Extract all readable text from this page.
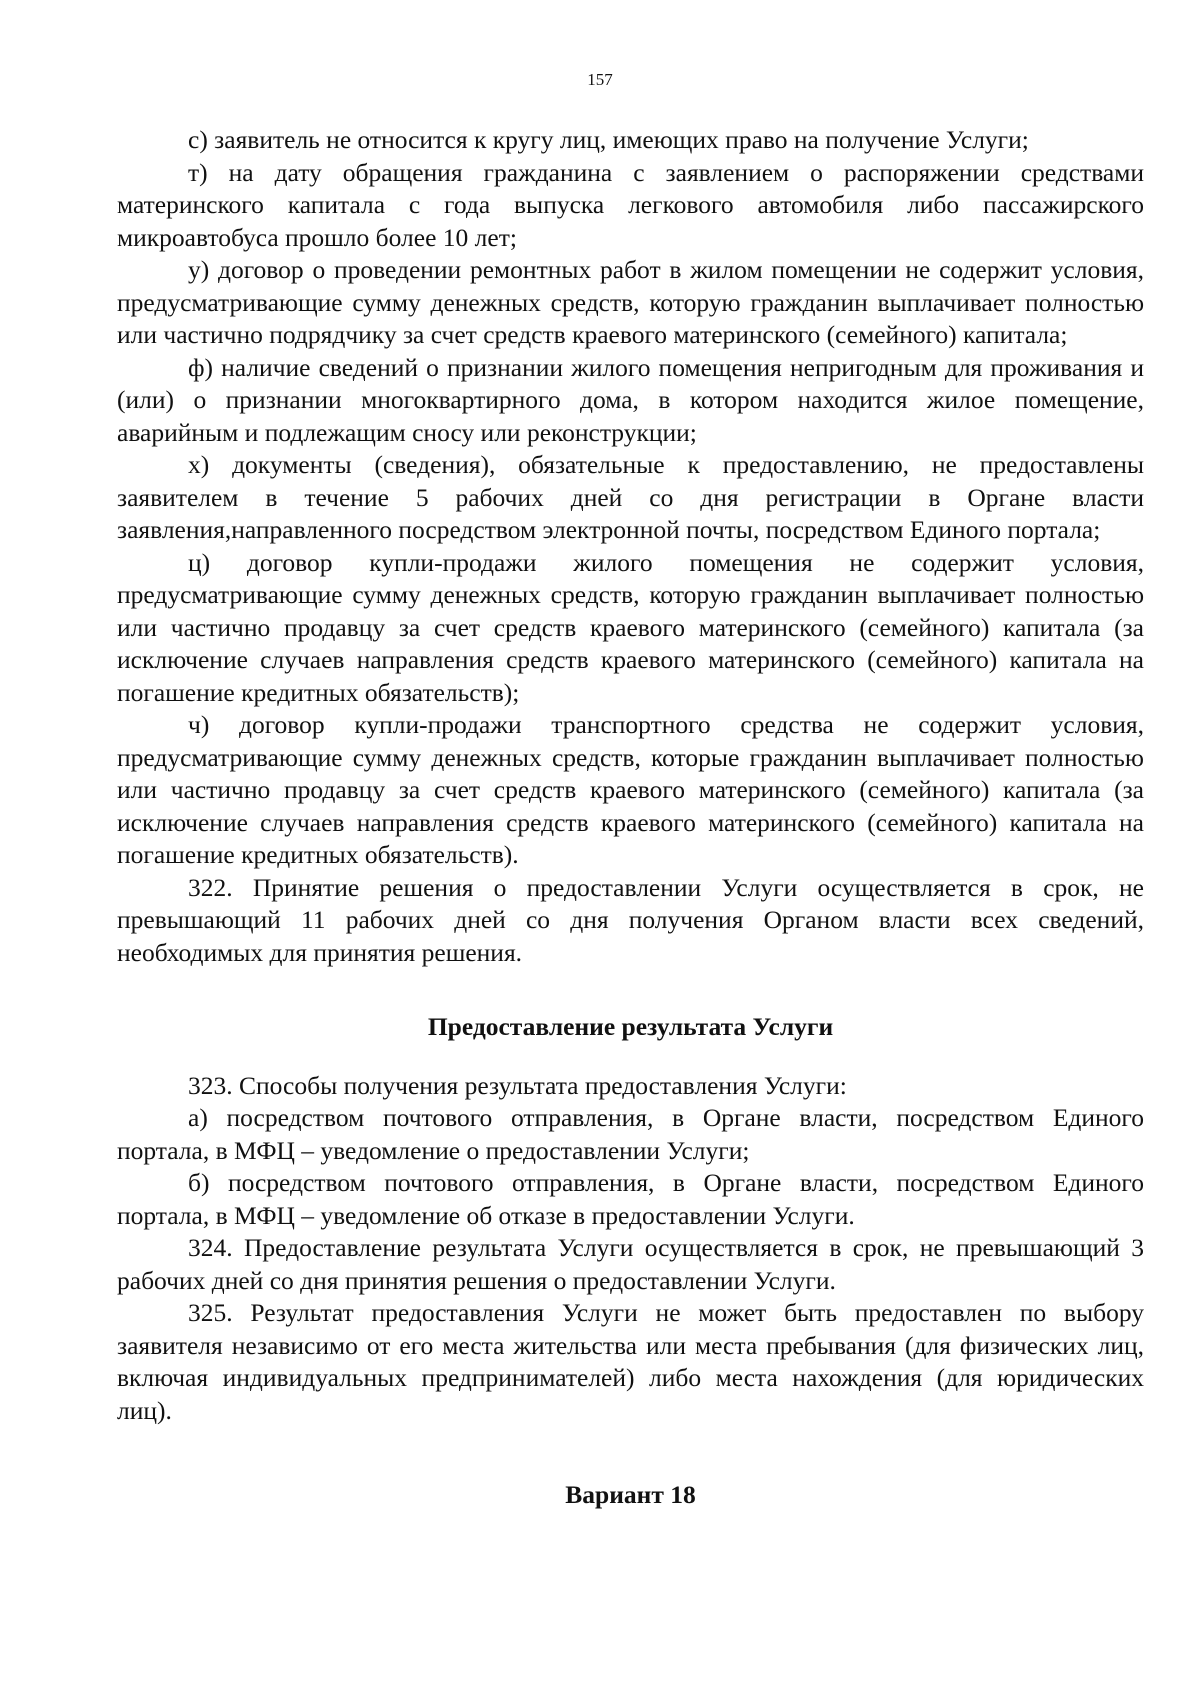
157

с) заявитель не относится к кругу лиц, имеющих право на получение Услуги;

т) на дату обращения гражданина с заявлением о распоряжении средствами материнского капитала с года выпуска легкового автомобиля либо пассажирского микроавтобуса прошло более 10 лет;

у) договор о проведении ремонтных работ в жилом помещении не содержит условия, предусматривающие сумму денежных средств, которую гражданин выплачивает полностью или частично подрядчику за счет средств краевого материнского (семейного) капитала;

ф) наличие сведений о признании жилого помещения непригодным для проживания и (или) о признании многоквартирного дома, в котором находится жилое помещение, аварийным и подлежащим сносу или реконструкции;

х) документы (сведения), обязательные к предоставлению, не предоставлены заявителем в течение 5 рабочих дней со дня регистрации в Органе власти заявления,направленного посредством электронной почты, посредством Единого портала;

ц) договор купли-продажи жилого помещения не содержит условия, предусматривающие сумму денежных средств, которую гражданин выплачивает полностью или частично продавцу за счет средств краевого материнского (семейного) капитала (за исключение случаев направления средств краевого материнского (семейного) капитала на погашение кредитных обязательств);

ч) договор купли-продажи транспортного средства не содержит условия, предусматривающие сумму денежных средств, которые гражданин выплачивает полностью или частично продавцу за счет средств краевого материнского (семейного) капитала (за исключение случаев направления средств краевого материнского (семейного) капитала на погашение кредитных обязательств).

322. Принятие решения о предоставлении Услуги осуществляется в срок, не превышающий 11 рабочих дней со дня получения Органом власти всех сведений, необходимых для принятия решения.

Предоставление результата Услуги

323. Способы получения результата предоставления Услуги:

а) посредством почтового отправления, в Органе власти, посредством Единого портала, в МФЦ – уведомление о предоставлении Услуги;

б) посредством почтового отправления, в Органе власти, посредством Единого портала, в МФЦ – уведомление об отказе в предоставлении Услуги.

324. Предоставление результата Услуги осуществляется в срок, не превышающий 3 рабочих дней со дня принятия решения о предоставлении Услуги.

325. Результат предоставления Услуги не может быть предоставлен по выбору заявителя независимо от его места жительства или места пребывания (для физических лиц, включая индивидуальных предпринимателей) либо места нахождения (для юридических лиц).

Вариант 18
